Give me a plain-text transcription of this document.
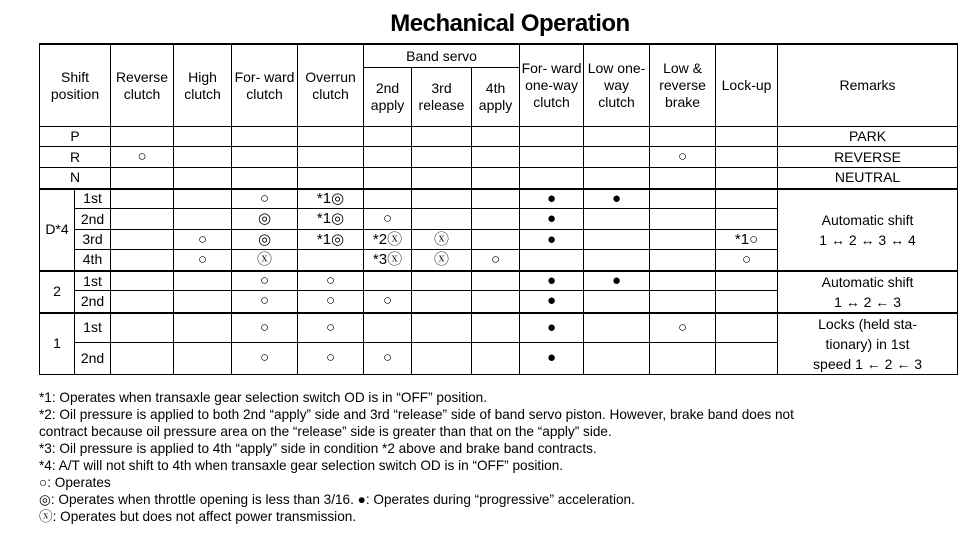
Mechanical Operation
Shift position		Reverse clutch	High clutch	For- ward clutch	Overrun clutch	Band servo			For- ward one-way clutch	Low one-way clutch	Low & reverse brake	Lock-up	Remarks
						2nd apply	3rd release	4th apply					
P													PARK
R		○									○		REVERSE
N													NEUTRAL
D*4	1st			○	*1◎				●	●			Automatic shift
1 ↔ 2 ↔ 3 ↔ 4

	2nd			◎	*1◎	○			●				
	3rd		○	◎	*1◎	*2ⓧ	ⓧ		●			*1○	
	4th		○	ⓧ		*3ⓧ	ⓧ	○				○	
2	1st			○	○				●	●			Automatic shift
1 ↔ 2 ← 3

	2nd			○	○	○			●				
1	1st			○	○				●		○		Locks (held sta-
tionary) in 1st
speed 1 ← 2 ← 3

	2nd			○	○	○			●				
*1: Operates when transaxle gear selection switch OD is in “OFF” position.
*2: Oil pressure is applied to both 2nd “apply” side and 3rd “release” side of band servo piston. However, brake band does not
contract because oil pressure area on the “release” side is greater than that on the “apply” side.
*3: Oil pressure is applied to 4th “apply” side in condition *2 above and brake band contracts.
*4: A/T will not shift to 4th when transaxle gear selection switch OD is in “OFF” position.
○: Operates
◎: Operates when throttle opening is less than 3/16. ●: Operates during “progressive” acceleration.
ⓧ: Operates but does not affect power transmission.
